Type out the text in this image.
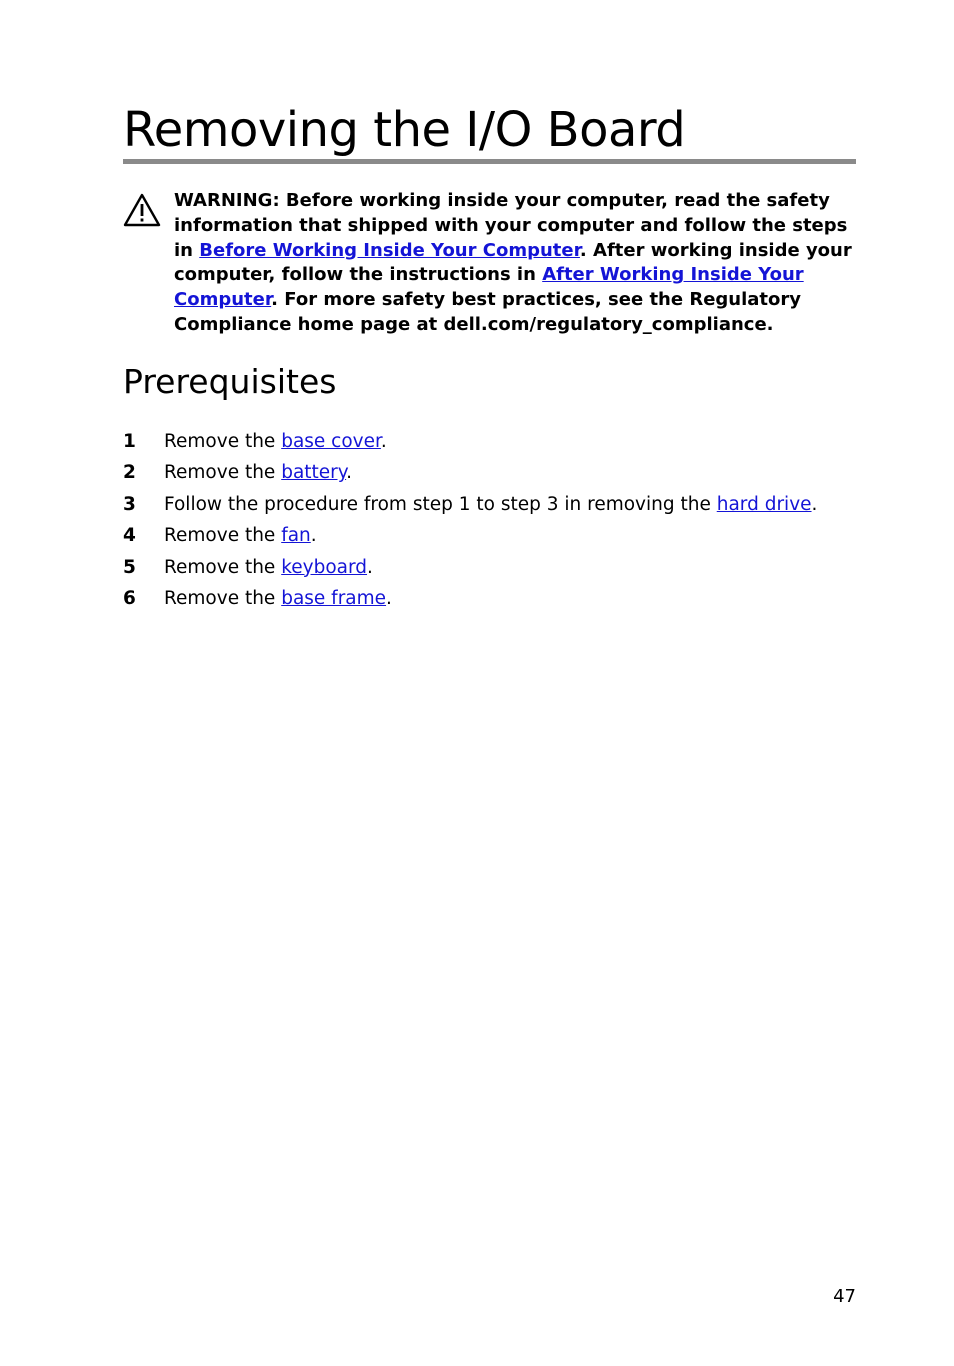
Removing the I/O Board

WARNING: Before working inside your computer, read the safety information that shipped with your computer and follow the steps in Before Working Inside Your Computer. After working inside your computer, follow the instructions in After Working Inside Your Computer. For more safety best practices, see the Regulatory Compliance home page at dell.com/regulatory_compliance.

Prerequisites
1 Remove the base cover.
2 Remove the battery.
3 Follow the procedure from step 1 to step 3 in removing the hard drive.
4 Remove the fan.
5 Remove the keyboard.
6 Remove the base frame.

47
